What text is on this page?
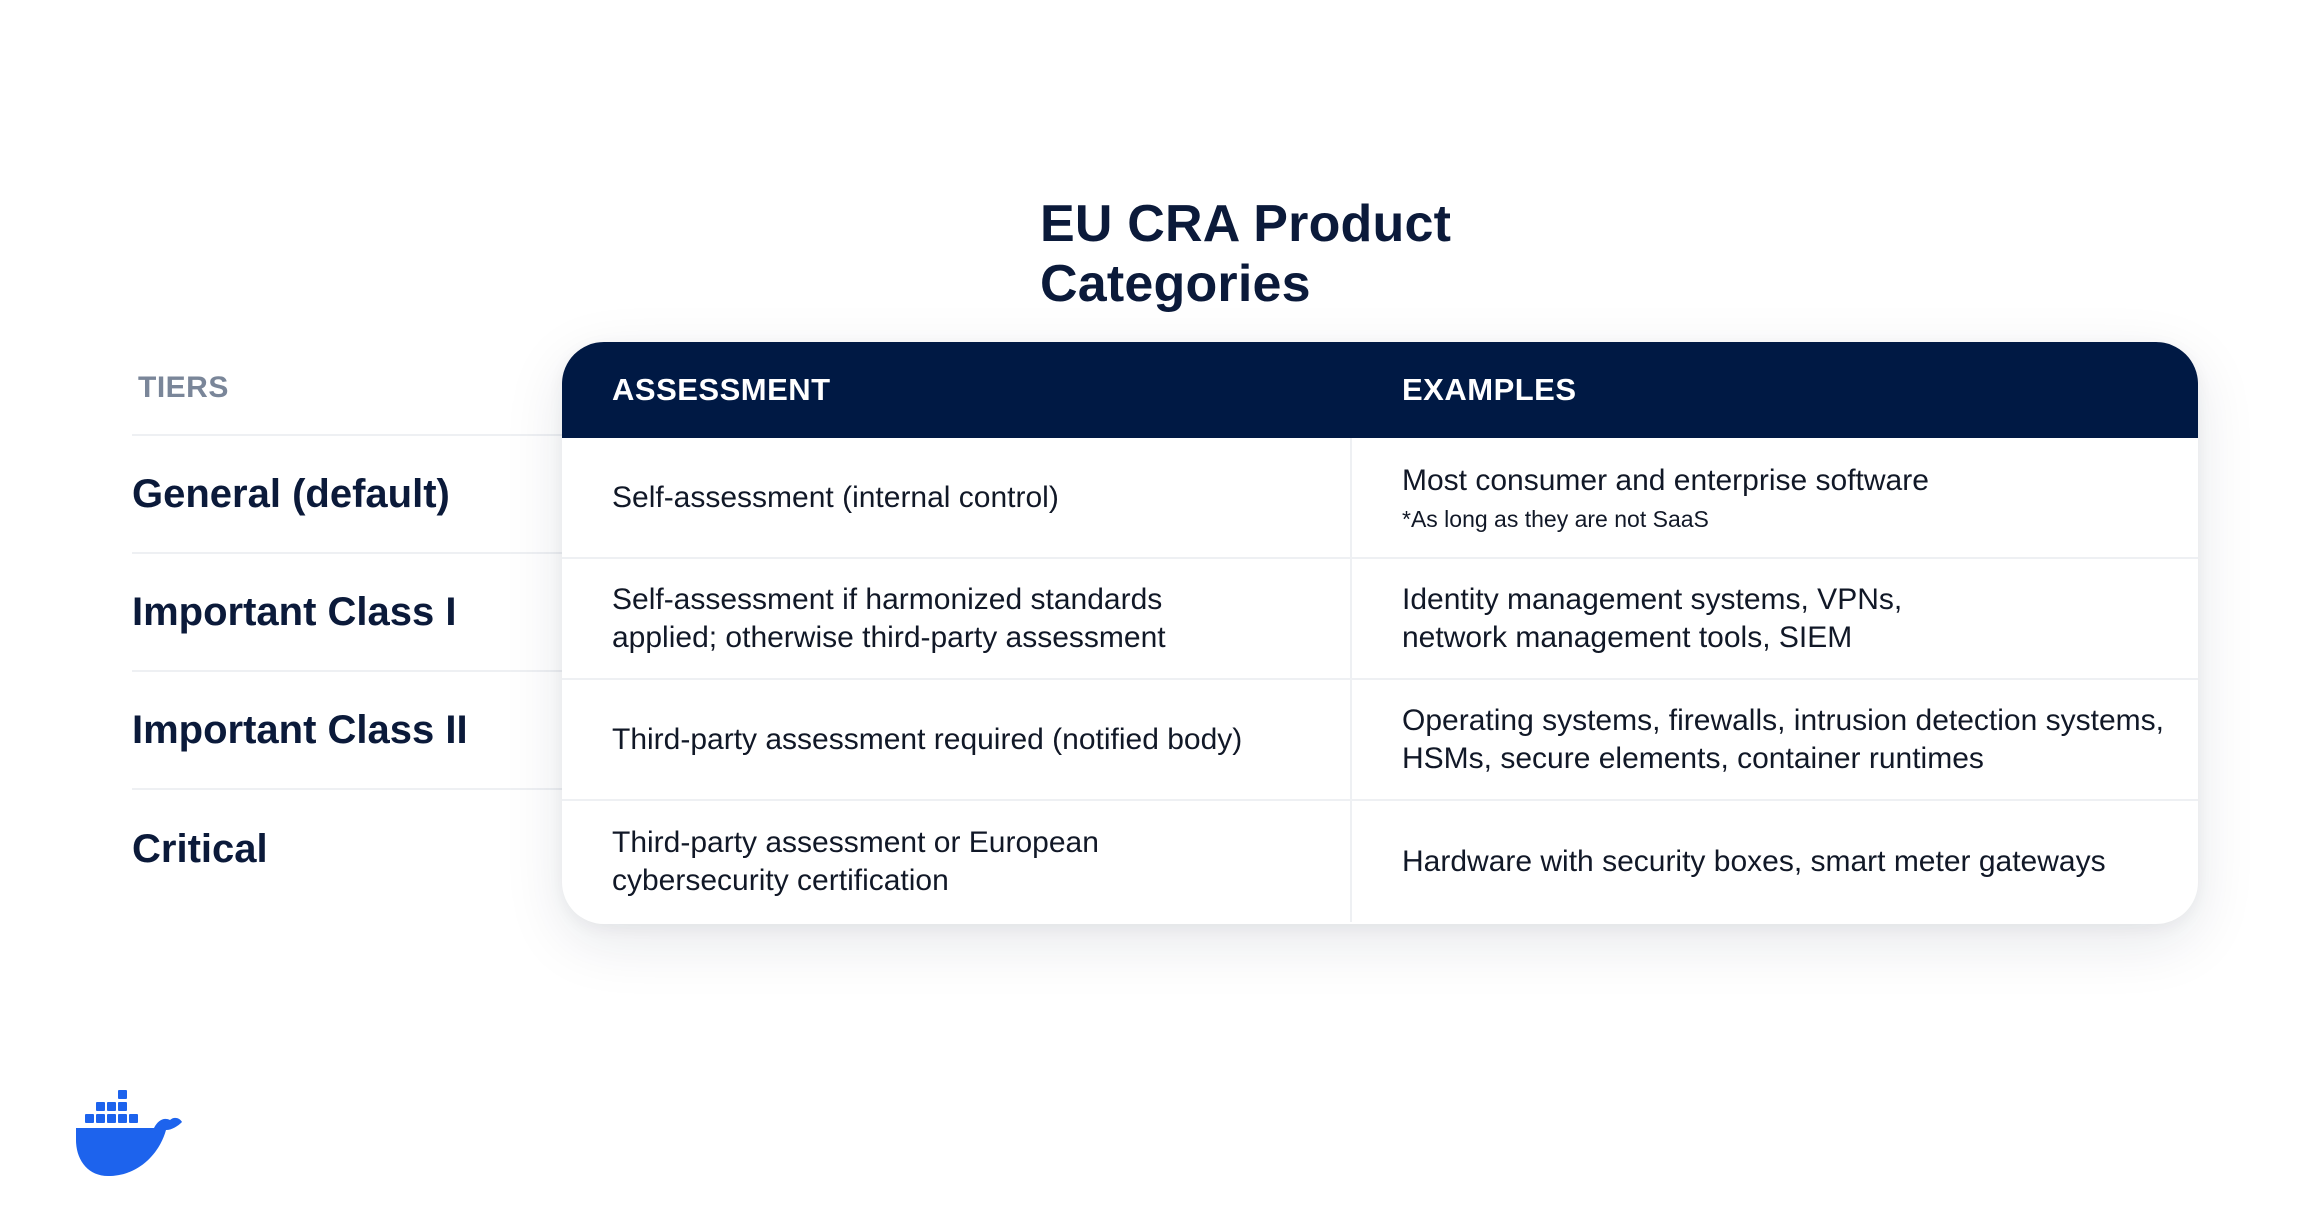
EU CRA Product Categories
TIERS
General (default)
Important Class I
Important Class II
Critical
ASSESSMENT	EXAMPLES
Self-assessment (internal control)
Most consumer and enterprise software
*As long as they are not SaaS
Self-assessment if harmonized standards applied; otherwise third-party assessment
Identity management systems, VPNs, network management tools, SIEM
Third-party assessment required (notified body)
Operating systems, firewalls, intrusion detection systems, HSMs, secure elements, container runtimes
Third-party assessment or European cybersecurity certification
Hardware with security boxes, smart meter gateways
